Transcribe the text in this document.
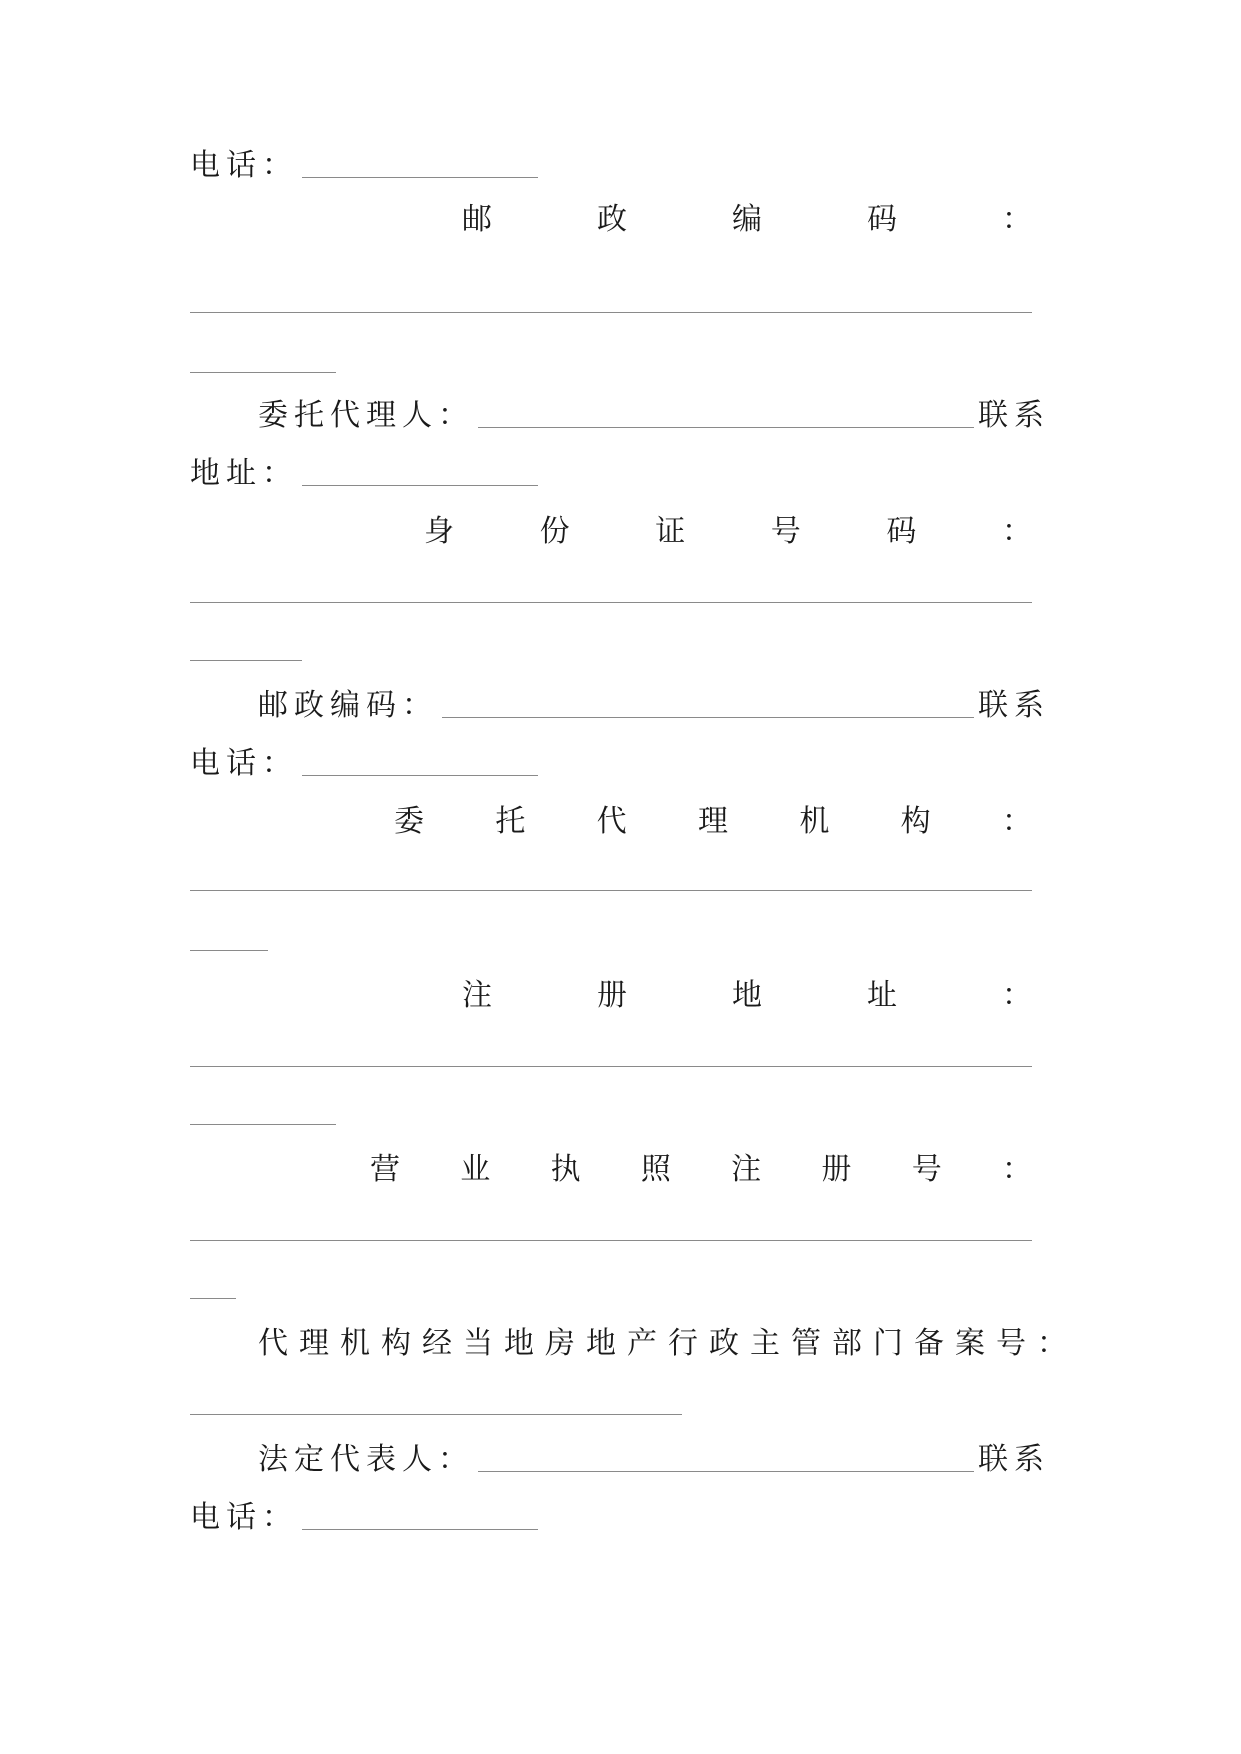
电话：
邮	政	编	码	：
委托代理人：	联系
地址：
身	份	证	号	码	：
邮政编码：	联系
电话：
委 托 代 理 机 构 ：
注	册	地	址	：
营 业 执 照 注 册 号 ：
代理机构经当地房地产行政主管部门备案号：
法定代表人：	联系
电话：
